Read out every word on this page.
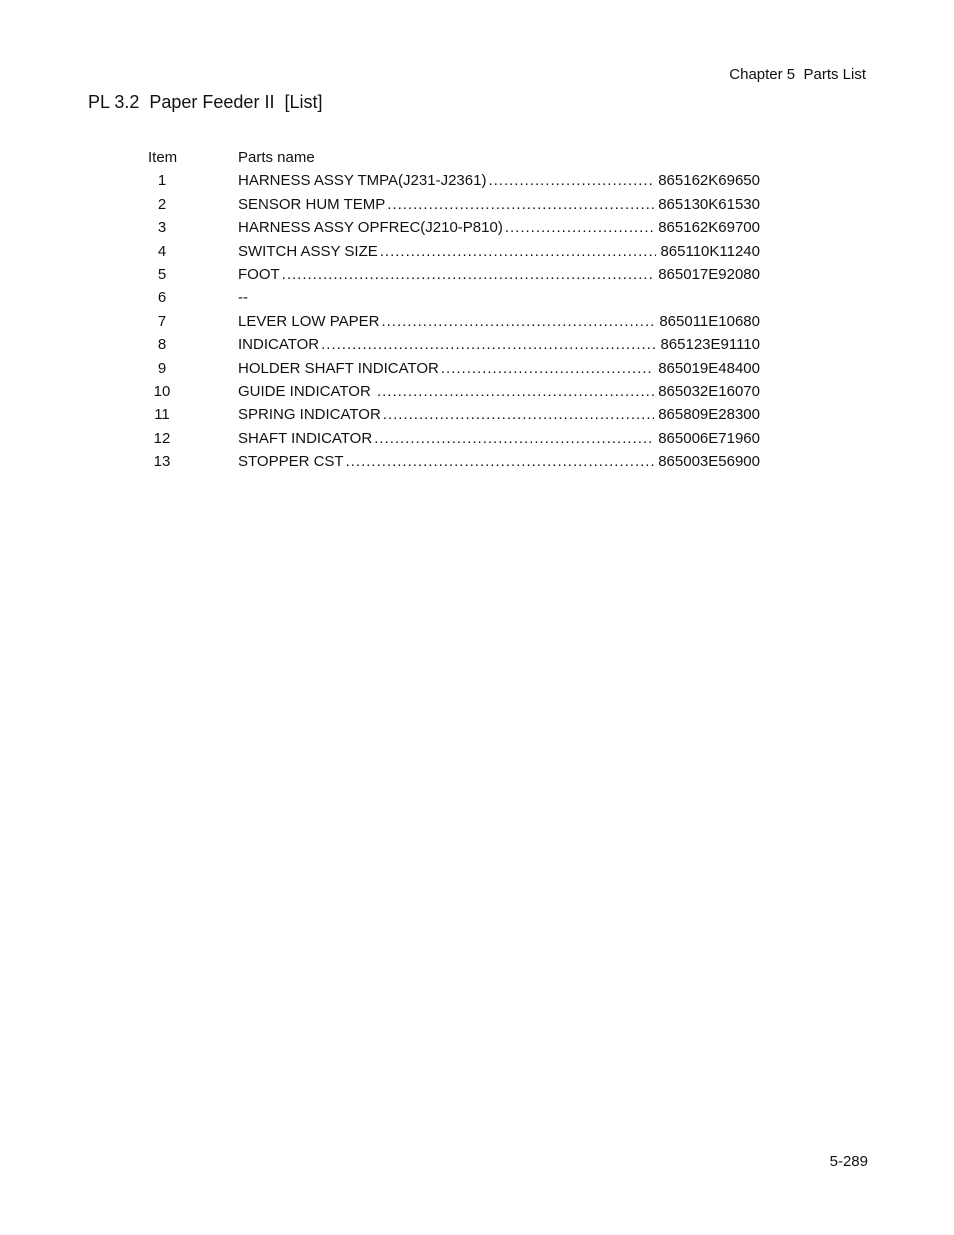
Chapter 5  Parts List
PL 3.2  Paper Feeder II  [List]
Item	Parts name
1	HARNESS ASSY TMPA(J231-J2361) .....	865162K69650
2	SENSOR HUM TEMP .....	865130K61530
3	HARNESS ASSY OPFREC(J210-P810) .....	865162K69700
4	SWITCH ASSY SIZE .....	865110K11240
5	FOOT .....	865017E92080
6	--
7	LEVER LOW PAPER .....	865011E10680
8	INDICATOR .....	865123E91110
9	HOLDER SHAFT INDICATOR .....	865019E48400
10	GUIDE INDICATOR .....	865032E16070
11	SPRING INDICATOR .....	865809E28300
12	SHAFT INDICATOR .....	865006E71960
13	STOPPER CST .....	865003E56900
5-289
